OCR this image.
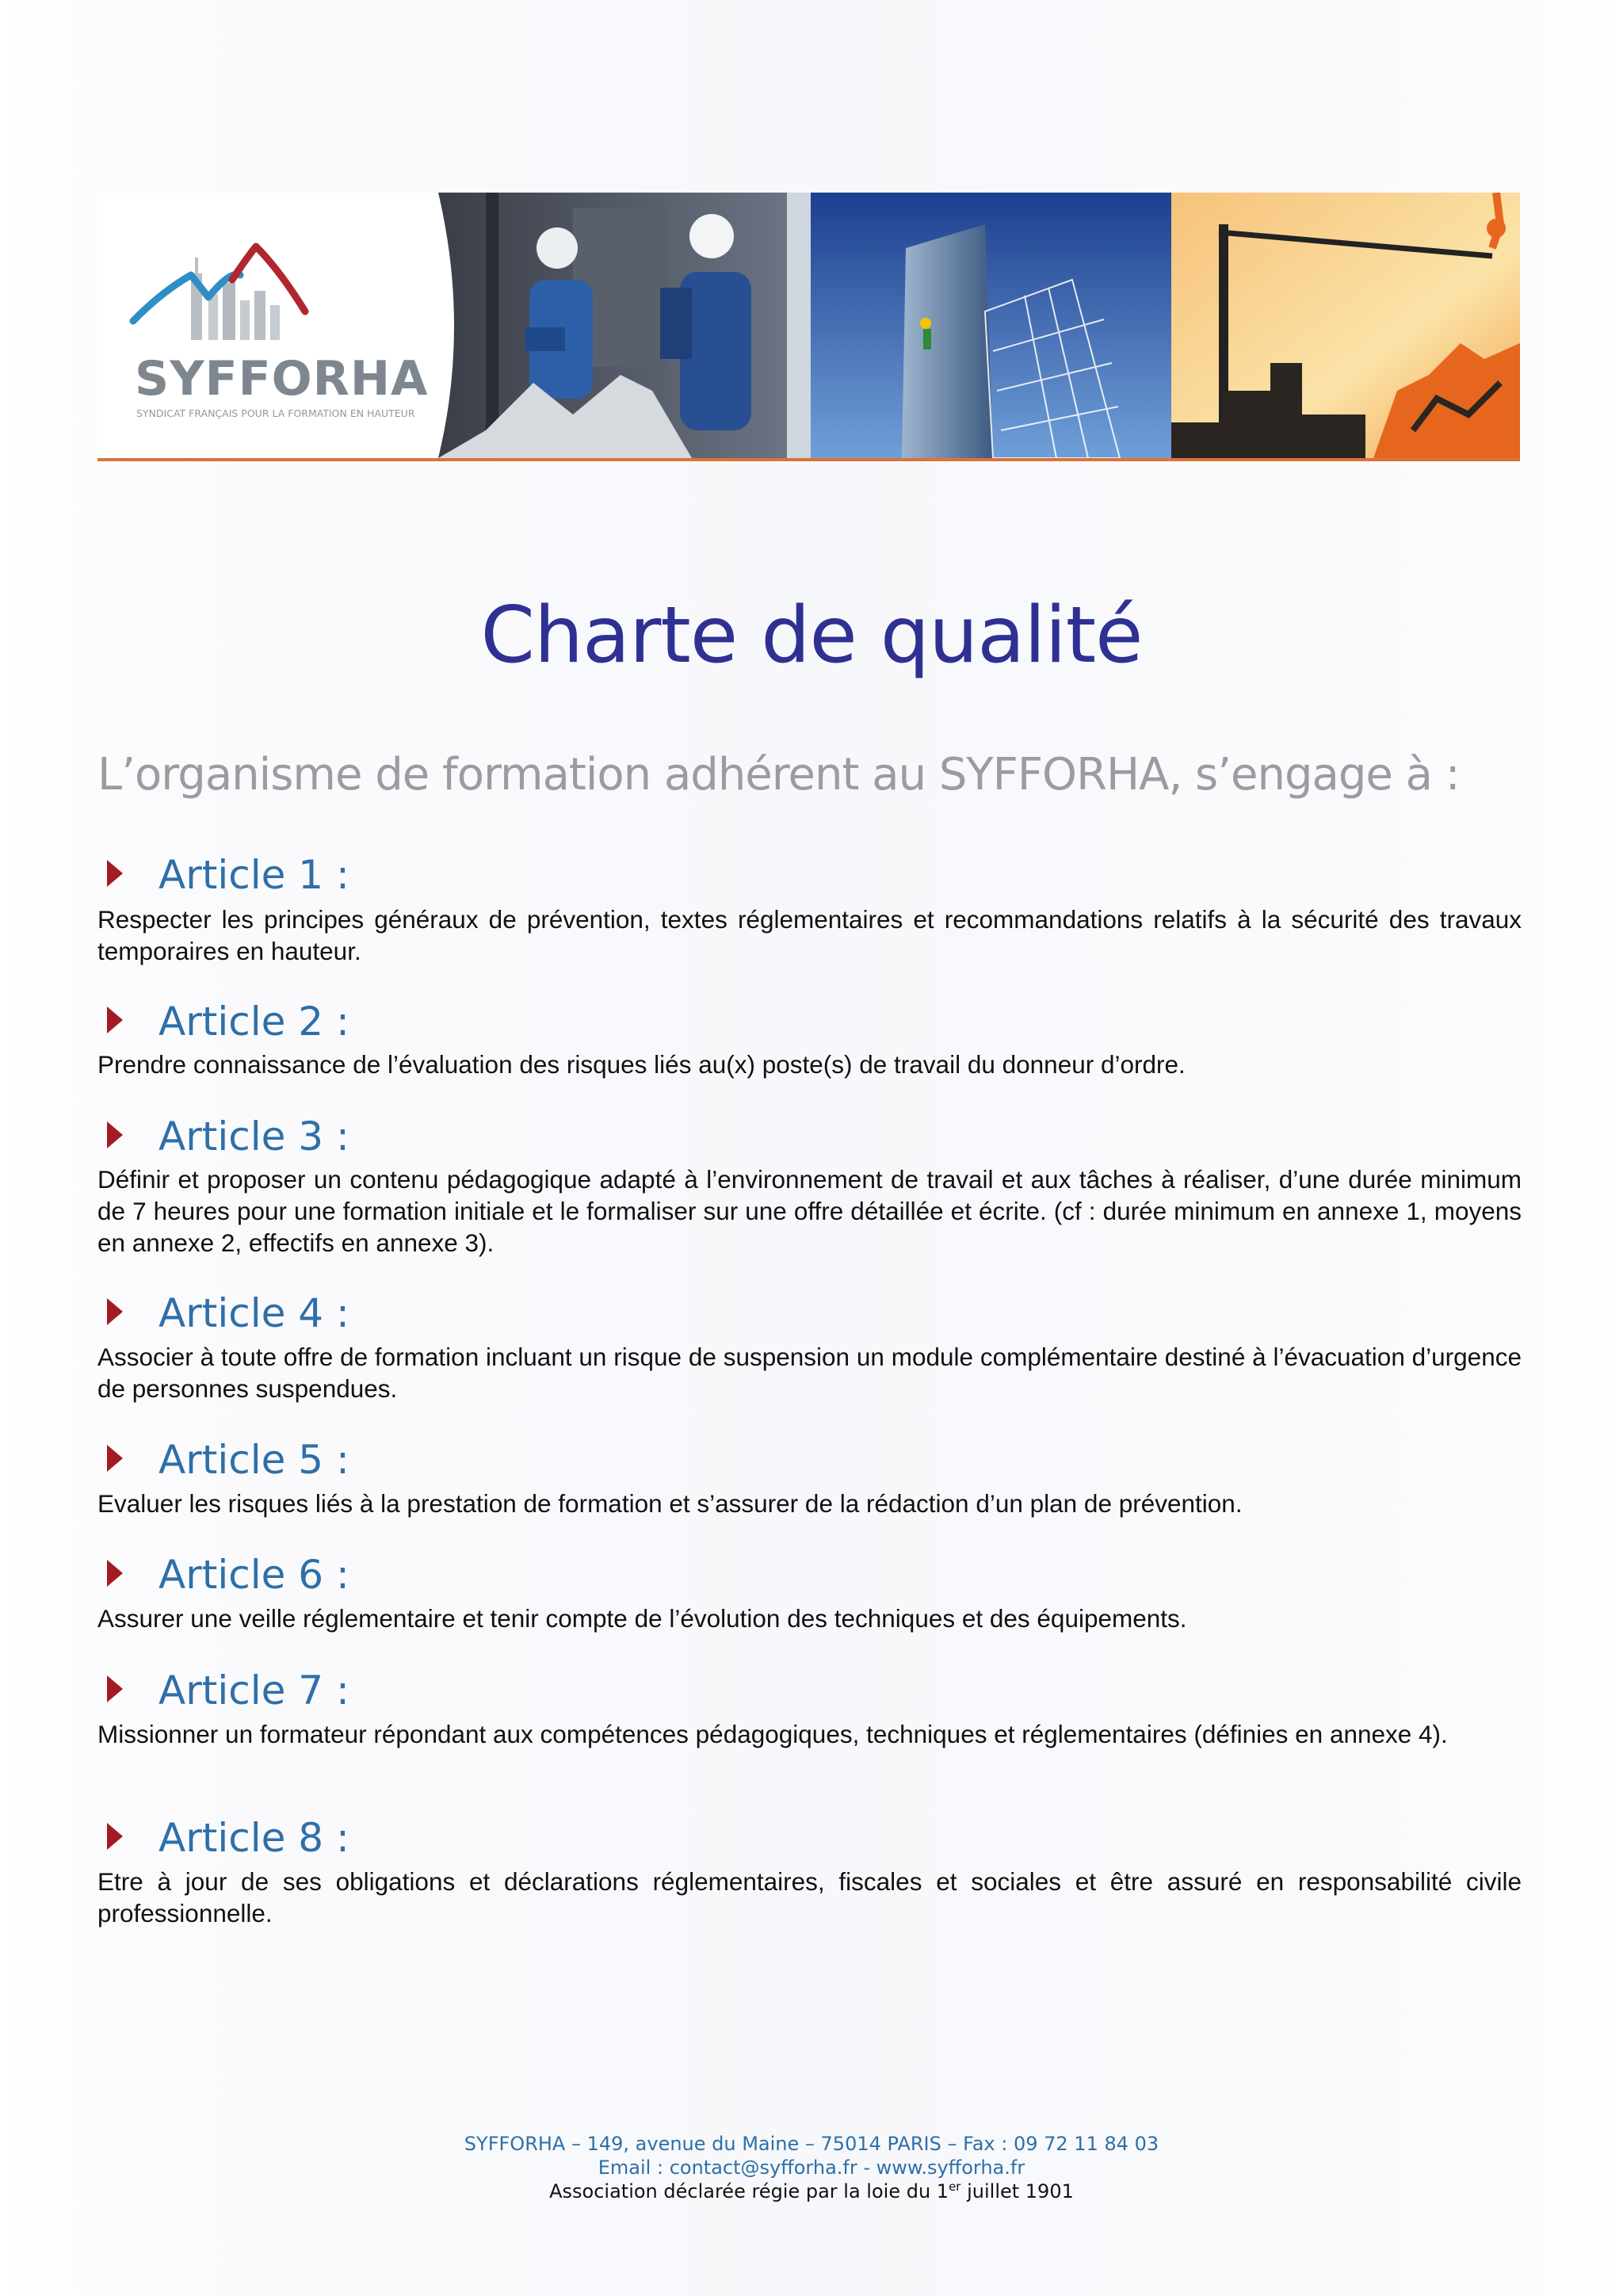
SYFFORHA
SYNDICAT FRANÇAIS POUR LA FORMATION EN HAUTEUR
Charte de qualité
L’organisme de formation adhérent au SYFFORHA, s’engage à :
Article 1 :
Respecter les principes généraux de prévention, textes réglementaires et recommandations relatifs à la sécurité des travaux temporaires en hauteur.
Article 2 :
Prendre connaissance de l’évaluation des risques liés au(x) poste(s) de travail du donneur d’ordre.
Article 3 :
Définir et proposer un contenu pédagogique adapté à l’environnement de travail et aux tâches à réaliser, d’une durée minimum de 7 heures pour une formation initiale et le formaliser sur une offre détaillée et écrite. (cf : durée minimum en annexe 1, moyens en annexe 2, effectifs en annexe 3).
Article 4 :
Associer à toute offre de formation incluant un risque de suspension un module complémentaire destiné à l’évacuation d’urgence de personnes suspendues.
Article 5 :
Evaluer les risques liés à la prestation de formation et s’assurer de la rédaction d’un plan de prévention.
Article 6 :
Assurer une veille réglementaire et tenir compte de l’évolution des techniques et des équipements.
Article 7 :
Missionner un formateur répondant aux compétences pédagogiques, techniques et réglementaires (définies en annexe 4).
Article 8 :
Etre à jour de ses obligations et déclarations réglementaires, fiscales et sociales et être assuré en responsabilité civile professionnelle.
SYFFORHA – 149, avenue du Maine – 75014 PARIS – Fax : 09 72 11 84 03
Email : contact@syfforha.fr - www.syfforha.fr
Association déclarée régie par la loie du 1er juillet 1901
